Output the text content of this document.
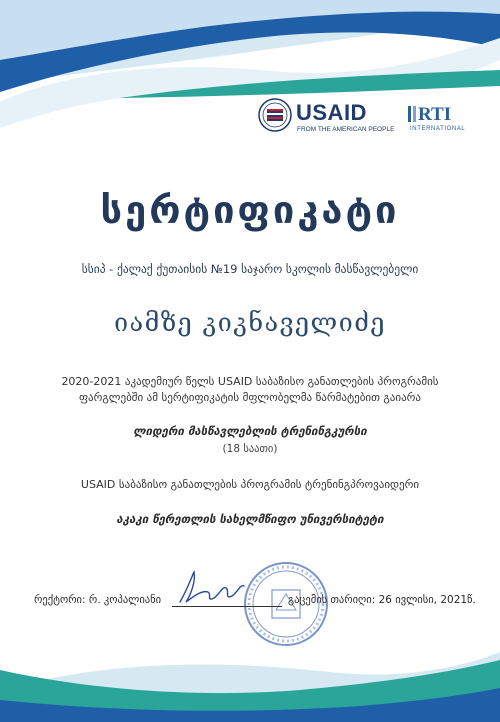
USAID
FROM THE AMERICAN PEOPLE
RTI
INTERNATIONAL
სერტიფიკატი
სსიპ - ქალაქ ქუთაისის №19 საჯარო სკოლის მასწავლებელი
იამზე კიკნაველიძე
2020-2021 აკადემიურ წელს USAID საბაზისო განათლების პროგრამის
ფარგლებში ამ სერტიფიკატის მფლობელმა წარმატებით გაიარა
ლიდერი მასწავლებლის ტრენინგკურსი
(18 საათი)
USAID საბაზისო განათლების პროგრამის ტრენინგპროვაიდერი
აკაკი წერეთლის სახელმწიფო უნივერსიტეტი
რექტორი: რ. კოპალიანი	გაცემის თარიღი: 26 ივლისი, 2021წ.
